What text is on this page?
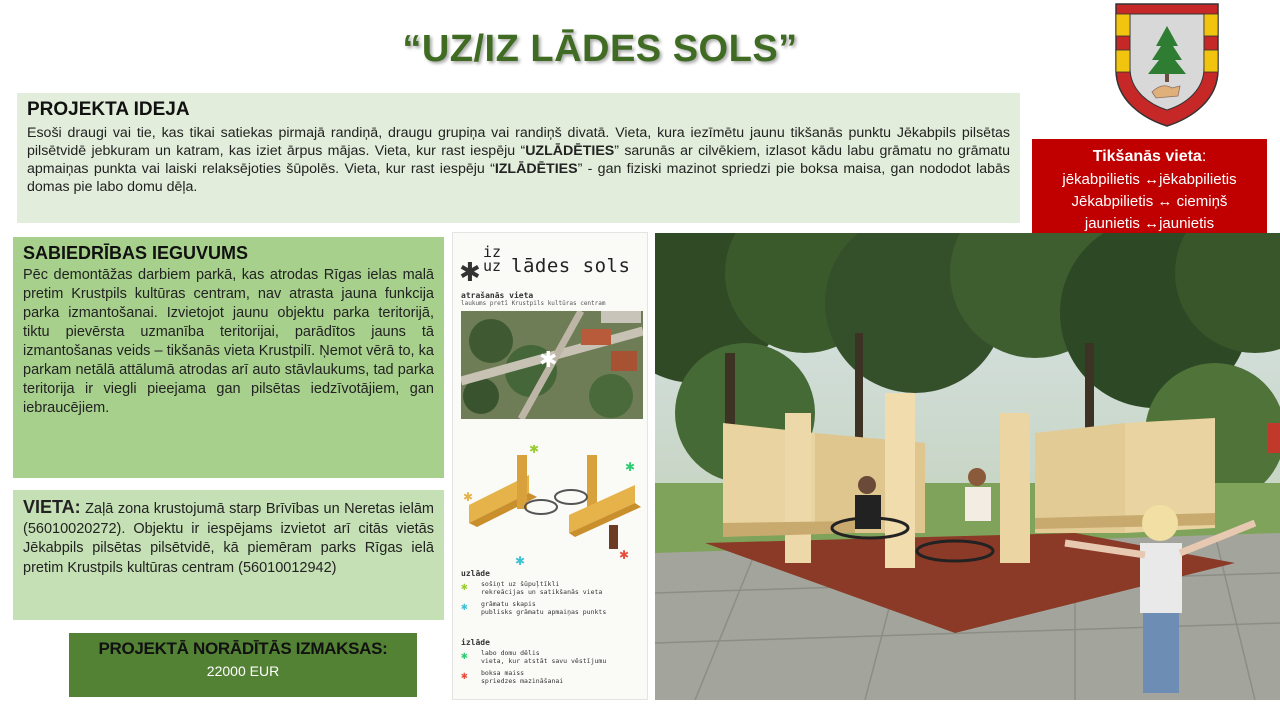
“UZ/IZ LĀDES SOLS”
PROJEKTA IDEJA

Esoši draugi vai tie, kas tikai satiekas pirmajā randiņā, draugu grupiņa vai randiņš divatā. Vieta, kura iezīmētu jaunu tikšanās punktu Jēkabpils pilsētas pilsētvidē jebkuram un katram, kas iziet ārpus mājas. Vieta, kur rast iespēju “UZLĀDĒTIES” sarunās ar cilvēkiem, izlasot kādu labu grāmatu no grāmatu apmaiņas punkta vai laiski relaksējoties šūpolēs. Vieta, kur rast iespēju “IZLĀDĒTIES” - gan fiziski mazinot spriedzi pie boksa maisa, gan nododot labās domas pie labo domu dēļa.

SABIEDRĪBAS IEGUVUMS

Pēc demontāžas darbiem parkā, kas atrodas Rīgas ielas malā pretim Krustpils kultūras centram, nav atrasta jauna funkcija parka izmantošanai. Izvietojot jaunu objektu parka teritorijā, tiktu pievērsta uzmanība teritorijai, parādītos jauns tā izmantošanas veids – tikšanās vieta Krustpilī. Ņemot vērā to, ka parkam netālā attālumā atrodas arī auto stāvlaukums, tad parka teritorija ir viegli pieejama gan pilsētas iedzīvotājiem, gan iebraucējiem.

VIETA: Zaļā zona krustojumā starp Brīvības un Neretas ielām (56010020272). Objektu ir iespējams izvietot arī citās vietās Jēkabpils pilsētas pilsētvidē, kā piemēram parks Rīgas ielā pretim Krustpils kultūras centram (56010012942)

PROJEKTĀ NORĀDĪTĀS IZMAKSAS:
22000 EUR
Tikšanās vieta:
jēkabpilietis ↔jēkabpilietis
Jēkabpilietis ↔ ciemiņš
jaunietis ↔jaunietis
✱
iz
uz lādes sols
atrašanās vieta
laukums pretī Krustpils kultūras centram
✱
✱
✱
✱
✱	✱
uzlāde
✱ sošiņt uz šūpuļtīkli
rekreācijas un satikšanās vieta
✱ grāmatu skapis
publisks grāmatu apmaiņas punkts
izlāde
✱ labo domu dēlis
vieta, kur atstāt savu vēstījumu
✱ boksa maiss
spriedzes mazināšanai
